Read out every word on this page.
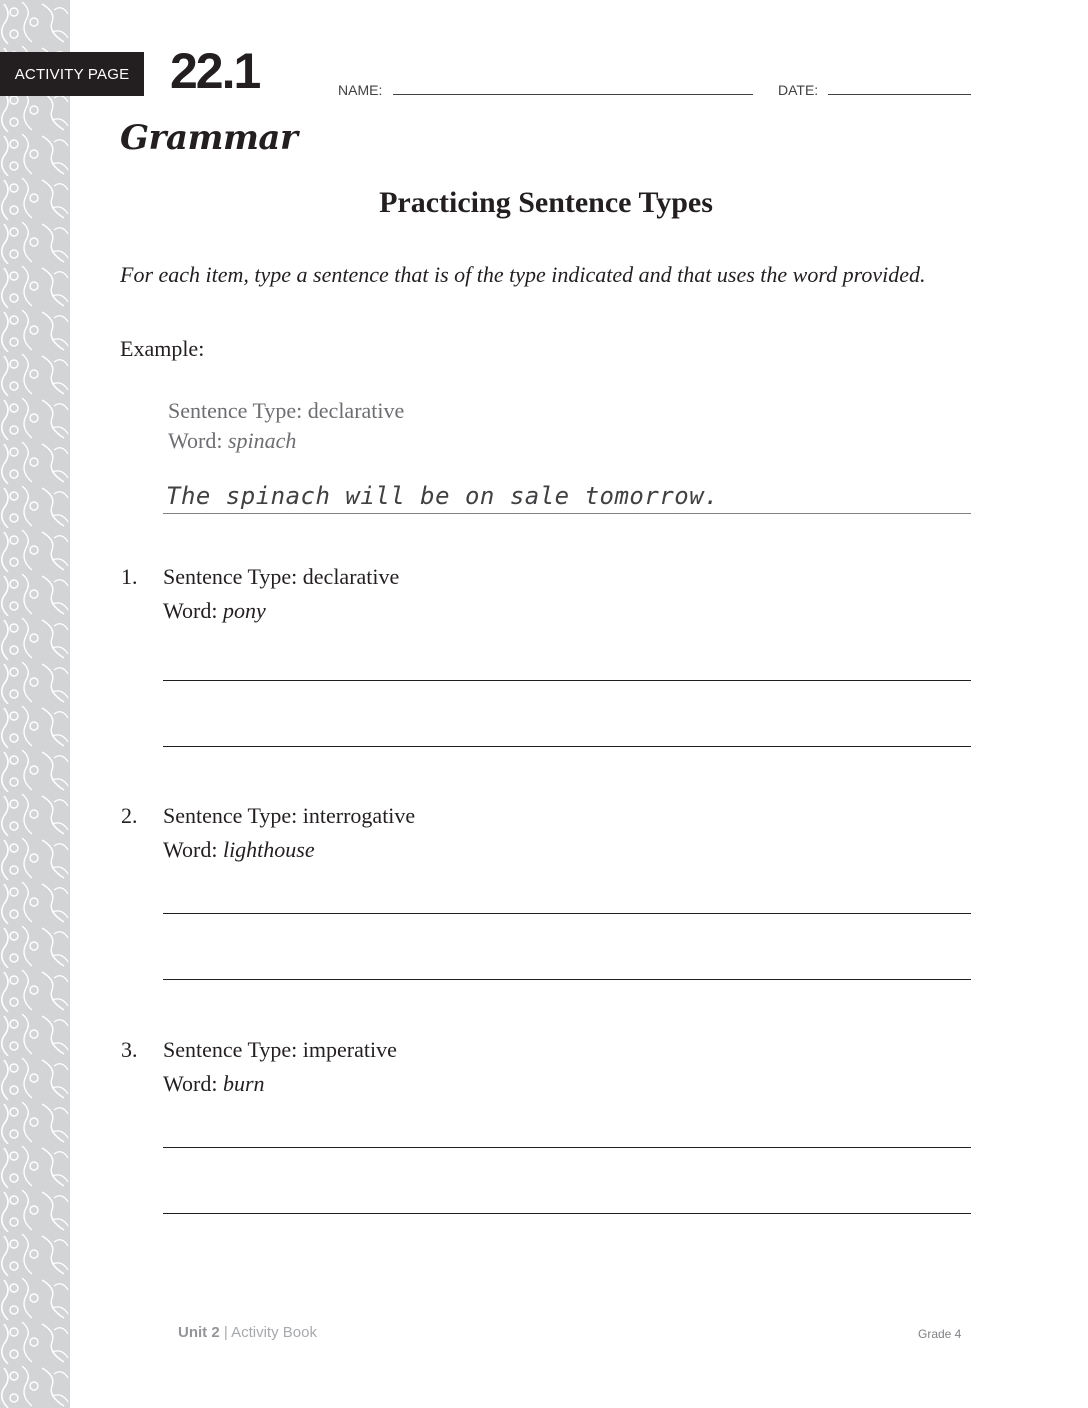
ACTIVITY PAGE 22.1	NAME:	DATE:
Grammar
Practicing Sentence Types
For each item, type a sentence that is of the type indicated and that uses the word provided.
Example:
Sentence Type: declarative
Word: spinach
The spinach will be on sale tomorrow.
1. Sentence Type: declarative
Word: pony
2. Sentence Type: interrogative
Word: lighthouse
3. Sentence Type: imperative
Word: burn
Unit 2 | Activity Book	Grade 4
